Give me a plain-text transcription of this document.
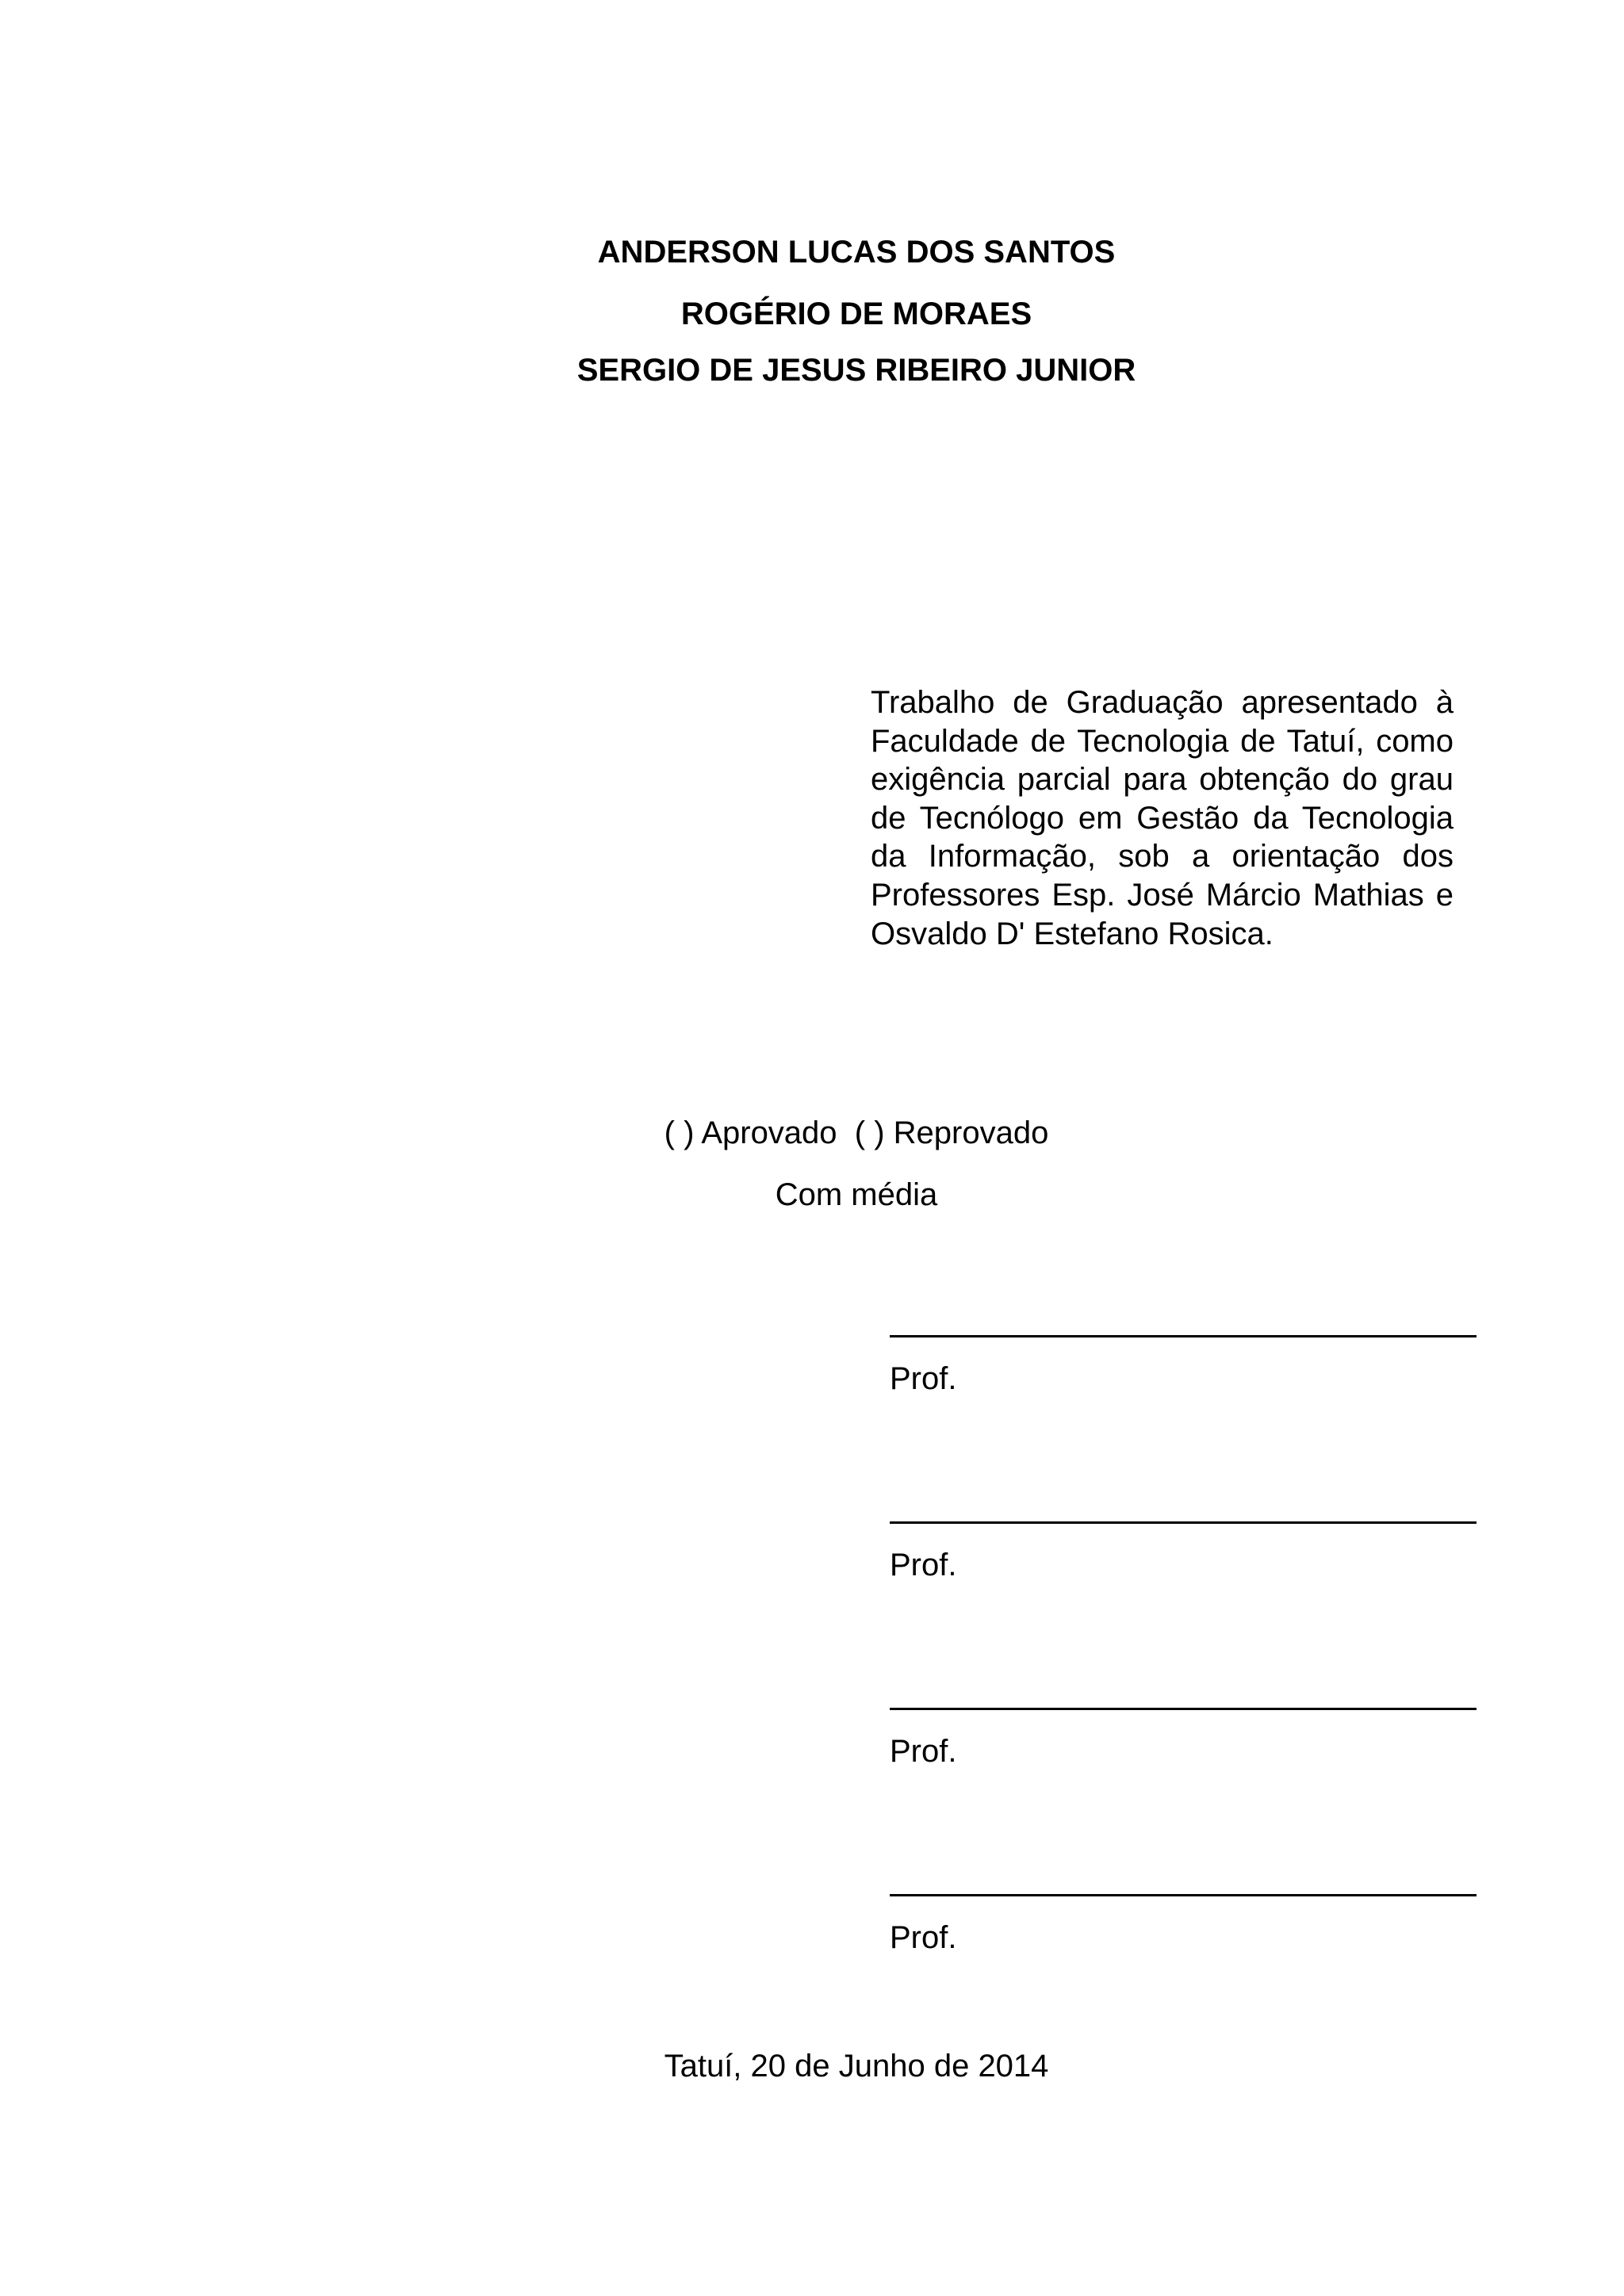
ANDERSON LUCAS DOS SANTOS
ROGÉRIO DE MORAES
SERGIO DE JESUS RIBEIRO JUNIOR
Trabalho de Graduação apresentado à Faculdade de Tecnologia de Tatuí, como exigência parcial para obtenção do grau de Tecnólogo em Gestão da Tecnologia da Informação, sob a orientação dos Professores Esp. José Márcio Mathias e Osvaldo D' Estefano Rosica.
( ) Aprovado  ( ) Reprovado
Com média
Prof.
Prof.
Prof.
Prof.
Tatuí, 20 de Junho de 2014
